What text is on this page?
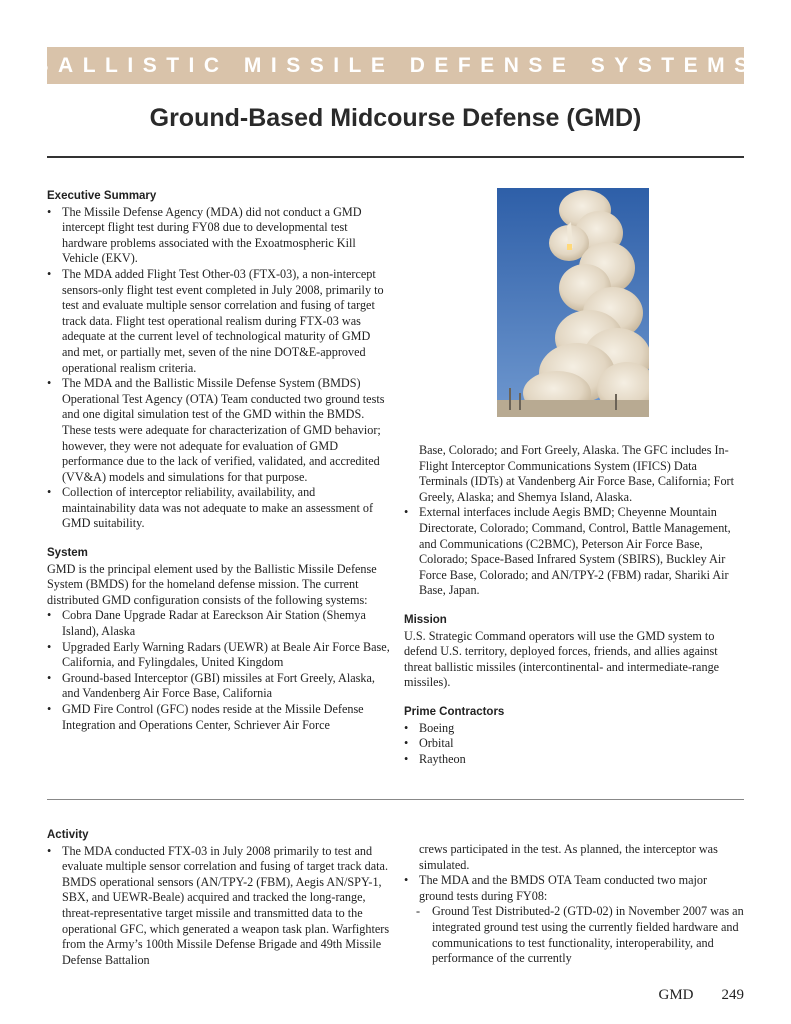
BALLISTIC MISSILE DEFENSE SYSTEMS
Ground-Based Midcourse Defense (GMD)
Executive Summary
• The Missile Defense Agency (MDA) did not conduct a GMD intercept flight test during FY08 due to developmental test hardware problems associated with the Exoatmospheric Kill Vehicle (EKV).
• The MDA added Flight Test Other-03 (FTX-03), a non-intercept sensors-only flight test event completed in July 2008, primarily to test and evaluate multiple sensor correlation and fusing of target track data. Flight test operational realism during FTX-03 was adequate at the current level of technological maturity of GMD and met, or partially met, seven of the nine DOT&E-approved operational realism criteria.
• The MDA and the Ballistic Missile Defense System (BMDS) Operational Test Agency (OTA) Team conducted two ground tests and one digital simulation test of the GMD within the BMDS. These tests were adequate for characterization of GMD behavior; however, they were not adequate for evaluation of GMD performance due to the lack of verified, validated, and accredited (VV&A) models and simulations for that purpose.
• Collection of interceptor reliability, availability, and maintainability data was not adequate to make an assessment of GMD suitability.
System

GMD is the principal element used by the Ballistic Missile Defense System (BMDS) for the homeland defense mission. The current distributed GMD configuration consists of the following systems:

• Cobra Dane Upgrade Radar at Eareckson Air Station (Shemya Island), Alaska
• Upgraded Early Warning Radars (UEWR) at Beale Air Force Base, California, and Fylingdales, United Kingdom
• Ground-based Interceptor (GBI) missiles at Fort Greely, Alaska, and Vandenberg Air Force Base, California
• GMD Fire Control (GFC) nodes reside at the Missile Defense Integration and Operations Center, Schriever Air Force

Base, Colorado; and Fort Greely, Alaska. The GFC includes In-Flight Interceptor Communications System (IFICS) Data Terminals (IDTs) at Vandenberg Air Force Base, California; Fort Greely, Alaska; and Shemya Island, Alaska.

• External interfaces include Aegis BMD; Cheyenne Mountain Directorate, Colorado; Command, Control, Battle Management, and Communications (C2BMC), Peterson Air Force Base, Colorado; Space-Based Infrared System (SBIRS), Buckley Air Force Base, Colorado; and AN/TPY-2 (FBM) radar, Shariki Air Base, Japan.
Mission

U.S. Strategic Command operators will use the GMD system to defend U.S. territory, deployed forces, friends, and allies against threat ballistic missiles (intercontinental- and intermediate-range missiles).

Prime Contractors
• Boeing
• Orbital
• Raytheon
Activity
• The MDA conducted FTX-03 in July 2008 primarily to test and evaluate multiple sensor correlation and fusing of target track data. BMDS operational sensors (AN/TPY-2 (FBM), Aegis AN/SPY-1, SBX, and UEWR-Beale) acquired and tracked the long-range, threat-representative target missile and transmitted data to the operational GFC, which generated a weapon task plan. Warfighters from the Army’s 100th Missile Defense Brigade and 49th Missile Defense Battalion

crews participated in the test. As planned, the interceptor was simulated.

• The MDA and the BMDS OTA Team conducted two major ground tests during FY08:
- Ground Test Distributed-2 (GTD-02) in November 2007 was an integrated ground test using the currently fielded hardware and communications to test functionality, interoperability, and performance of the currently
GMD 249
